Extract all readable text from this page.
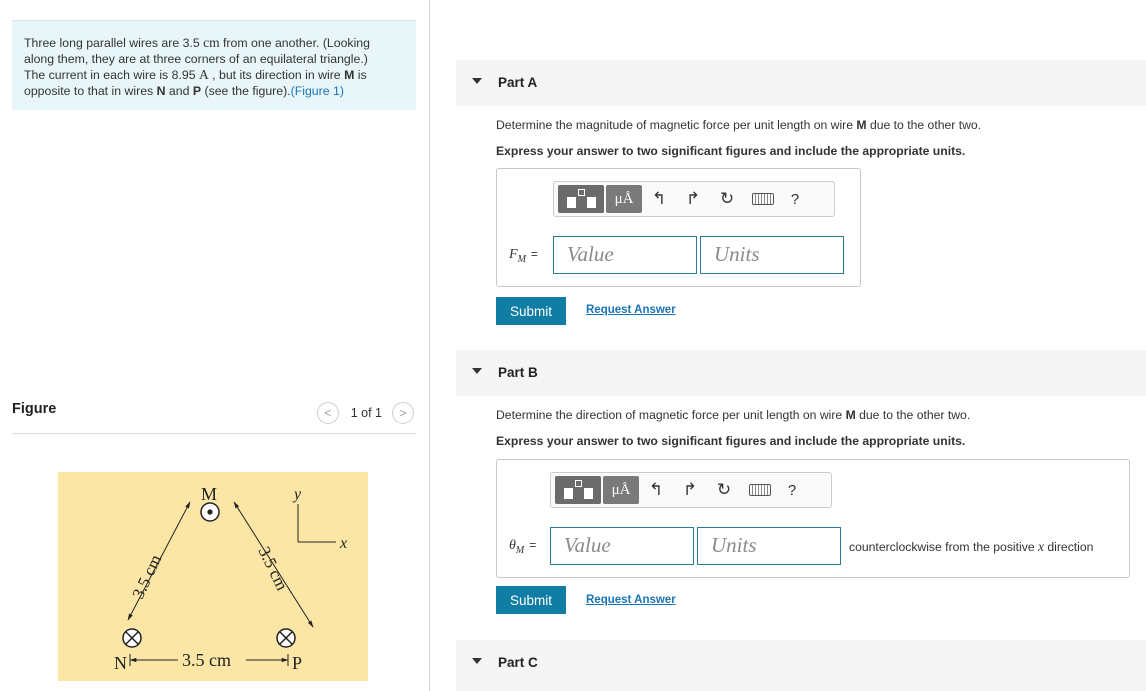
Three long parallel wires are 3.5 cm from one another. (Looking
along them, they are at three corners of an equilateral triangle.)
The current in each wire is 8.95 A , but its direction in wire M is
opposite to that in wires N and P (see the figure).(Figure 1)
Figure	<	1 of 1	>
M
N	P
y
x
3.5 cm
3.5 cm	3.5 cm
Part A
Determine the magnitude of magnetic force per unit length on wire M due to the other two.
Express your answer to two significant figures and include the appropriate units.
μÅ	↰	↱	↻	?
$F_M$ =	Value	Units
Submit	Request Answer
Part B
Determine the direction of magnetic force per unit length on wire M due to the other two.
Express your answer to two significant figures and include the appropriate units.
μÅ	↰	↱	↻	?
$\theta_M$ =	Value	Units	counterclockwise from the positive x direction
Submit	Request Answer
Part C
